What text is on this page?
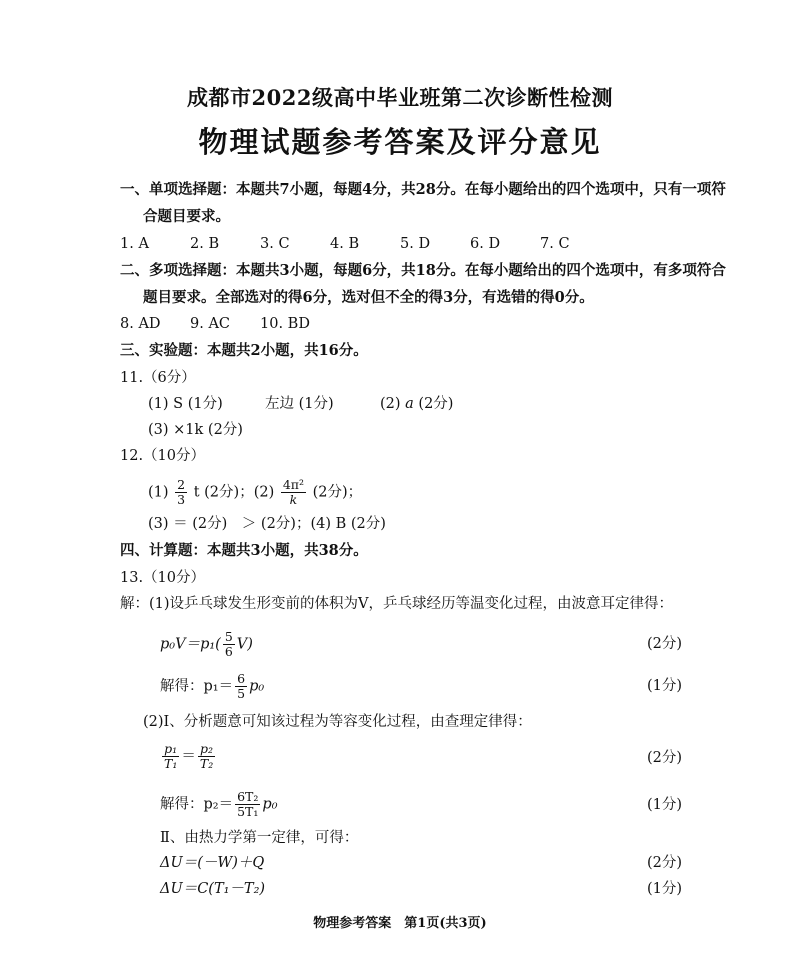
成都市2022级高中毕业班第二次诊断性检测
物理试题参考答案及评分意见
一、单项选择题：本题共7小题，每题4分，共28分。在每小题给出的四个选项中，只有一项符
合题目要求。
1. A	2. B	3. C	4. B	5. D	6. D	7. C
二、多项选择题：本题共3小题，每题6分，共18分。在每小题给出的四个选项中，有多项符合
题目要求。全部选对的得6分，选对但不全的得3分，有选错的得0分。
8. AD 9. AC 10. BD
三、实验题：本题共2小题，共16分。
11.（6分）
(1) S (1分)	左边 (1分)	(2) a (2分)
(3) ×1k (2分)
12.（10分）
$(1) \frac{2}{3}$ t (2分)；$(2) \frac{\text{4π²}}{k} (2$分)；
(3) ＝ (2分)　＞ (2分)；(4) B (2分)
四、计算题：本题共3小题，共38分。
13.（10分）
解：(1)设乒乓球发生形变前的体积为V，乒乓球经历等温变化过程，由波意耳定律得：
$p_0V=p_1( \frac{5}{6} V)$	(2分)
解得：$p_1= \frac{6}{5} p_0$	(1分)
(2)Ⅰ、分析题意可知该过程为等容变化过程，由查理定律得：
$\frac{\text{p₁}}{\text{T₁}} = \frac{\text{p₂}}{\text{T₂}}$	(2分)
解得：$p_2= \frac{\text{6T₂}}{\text{5T₁}} p_0$	(1分)
Ⅱ、由热力学第一定律，可得：
ΔU＝(－W)＋Q	(2分)
ΔU＝C(T₁－T₂)	(1分)
物理参考答案　第1页(共3页)
